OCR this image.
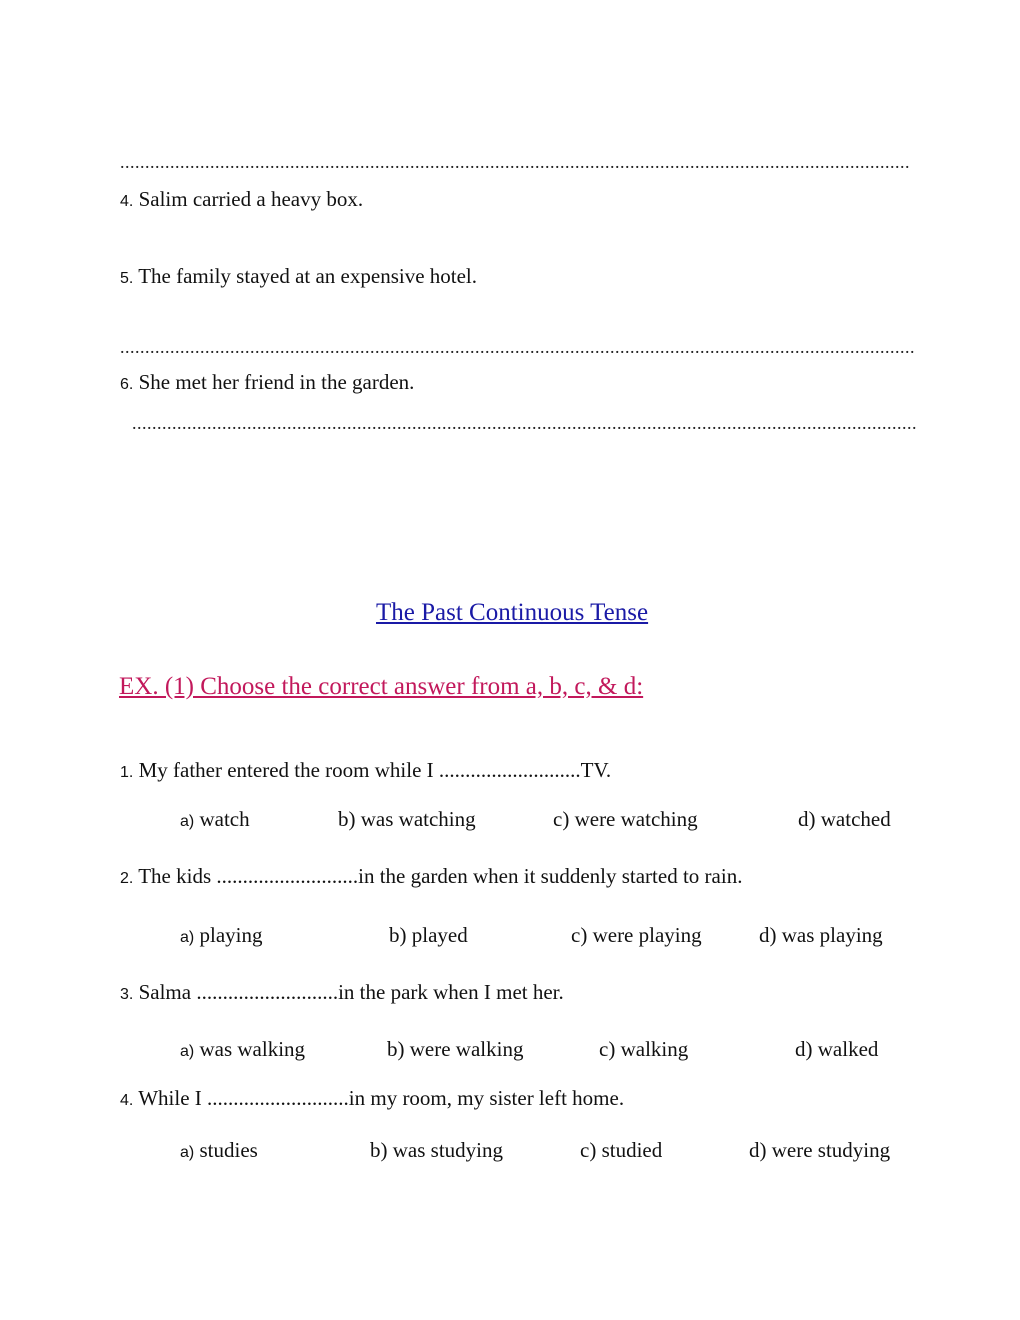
..............................................................................................................................................................
4. Salim carried a heavy box.
5. The family stayed at an expensive hotel.
...............................................................................................................................................................
6. She met her friend in the garden.
.............................................................................................................................................................
The Past Continuous Tense
EX. (1) Choose the correct answer from a, b, c, & d:
1. My father entered the room while I ...........................TV.
a) watch	b) was watching	c) were watching	d) watched
2. The kids ...........................in the garden when it suddenly started to rain.
a) playing	b) played	c) were playing	d) was playing
3. Salma ...........................in the park when I met her.
a) was walking	b) were walking	c) walking	d) walked
4. While I ...........................in my room, my sister left home.
a) studies	b) was studying	c) studied	d) were studying
